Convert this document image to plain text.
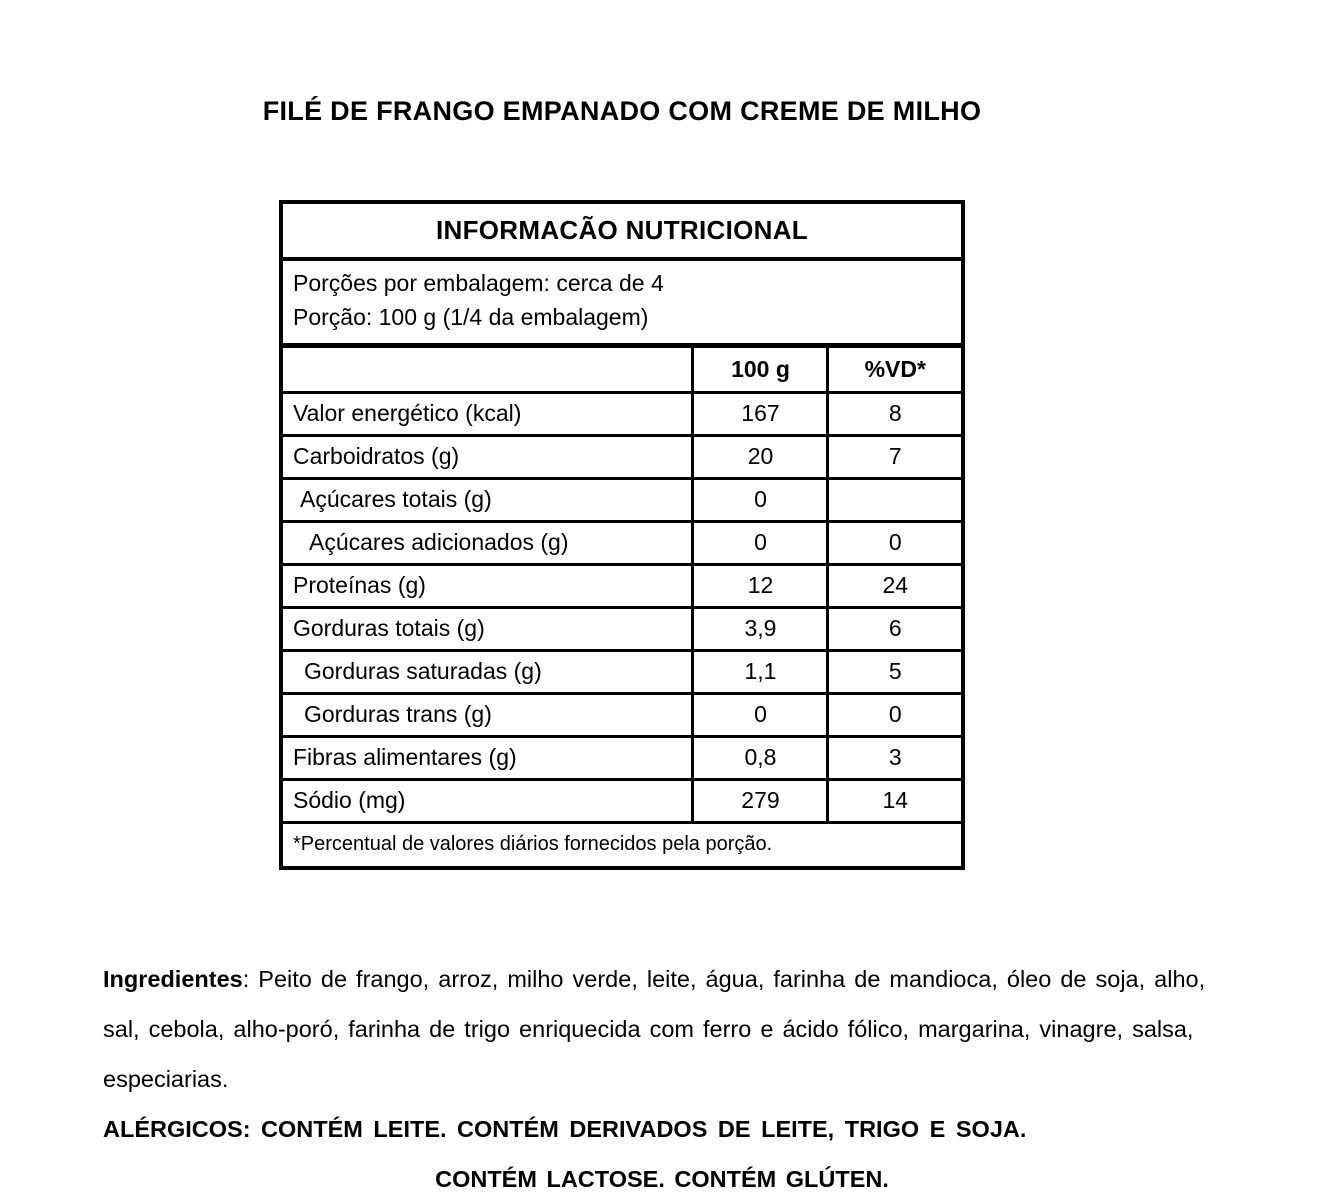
FILÉ DE FRANGO EMPANADO COM CREME DE MILHO
INFORMACÃO NUTRICIONAL		

Porções por embalagem: cerca de 4
Porção: 100 g (1/4 da embalagem)		

	100 g	%VD*
Valor energético (kcal)	167	8
Carboidratos (g)	20	7
Açúcares totais (g)	0	
Açúcares adicionados (g)	0	0
Proteínas (g)	12	24
Gorduras totais (g)	3,9	6
Gorduras saturadas (g)	1,1	5
Gorduras trans (g)	0	0
Fibras alimentares (g)	0,8	3
Sódio (mg)	279	14
*Percentual de valores diários fornecidos pela porção.		

Ingredientes: Peito de frango, arroz, milho verde, leite, água, farinha de mandioca, óleo de soja, alho, sal, cebola, alho-poró, farinha de trigo enriquecida com ferro e ácido fólico, margarina, vinagre, salsa, especiarias.

ALÉRGICOS: CONTÉM LEITE. CONTÉM DERIVADOS DE LEITE, TRIGO E SOJA.

CONTÉM LACTOSE. CONTÉM GLÚTEN.
